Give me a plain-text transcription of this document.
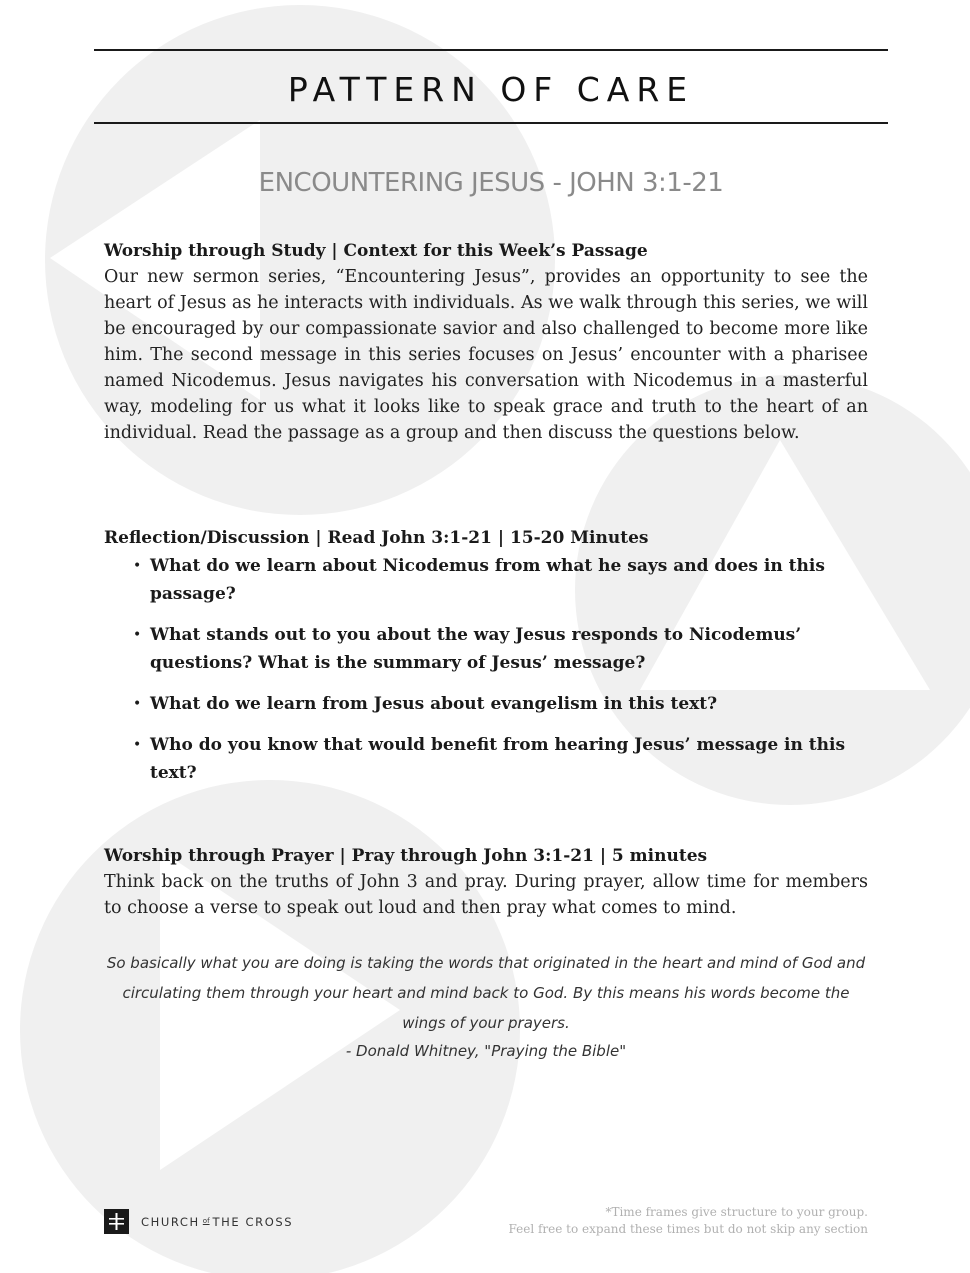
PATTERN OF CARE
ENCOUNTERING JESUS - JOHN 3:1-21

Worship through Study | Context for this Week’s Passage

Our new sermon series, “Encountering Jesus”, provides an opportunity to see the heart of Jesus as he interacts with individuals. As we walk through this series, we will be encouraged by our compassionate savior and also challenged to become more like him. The second message in this series focuses on Jesus’ encounter with a pharisee named Nicodemus. Jesus navigates his conversation with Nicodemus in a masterful way, modeling for us what it looks like to speak grace and truth to the heart of an individual. Read the passage as a group and then discuss the questions below.

Reflection/Discussion | Read John 3:1-21 | 15-20 Minutes

• What do we learn about Nicodemus from what he says and does in this passage?
• What stands out to you about the way Jesus responds to Nicodemus’ questions? What is the summary of Jesus’ message?
• What do we learn from Jesus about evangelism in this text?
• Who do you know that would benefit from hearing Jesus’ message in this text?

Worship through Prayer | Pray through John 3:1-21 | 5 minutes

Think back on the truths of John 3 and pray. During prayer, allow time for members to choose a verse to speak out loud and then pray what comes to mind.

So basically what you are doing is taking the words that originated in the heart and mind of God and circulating them through your heart and mind back to God. By this means his words become the wings of your prayers.
- Donald Whitney, "Praying the Bible"
CHURCH $^{of}$ THE CROSS
*Time frames give structure to your group.
Feel free to expand these times but do not skip any section
